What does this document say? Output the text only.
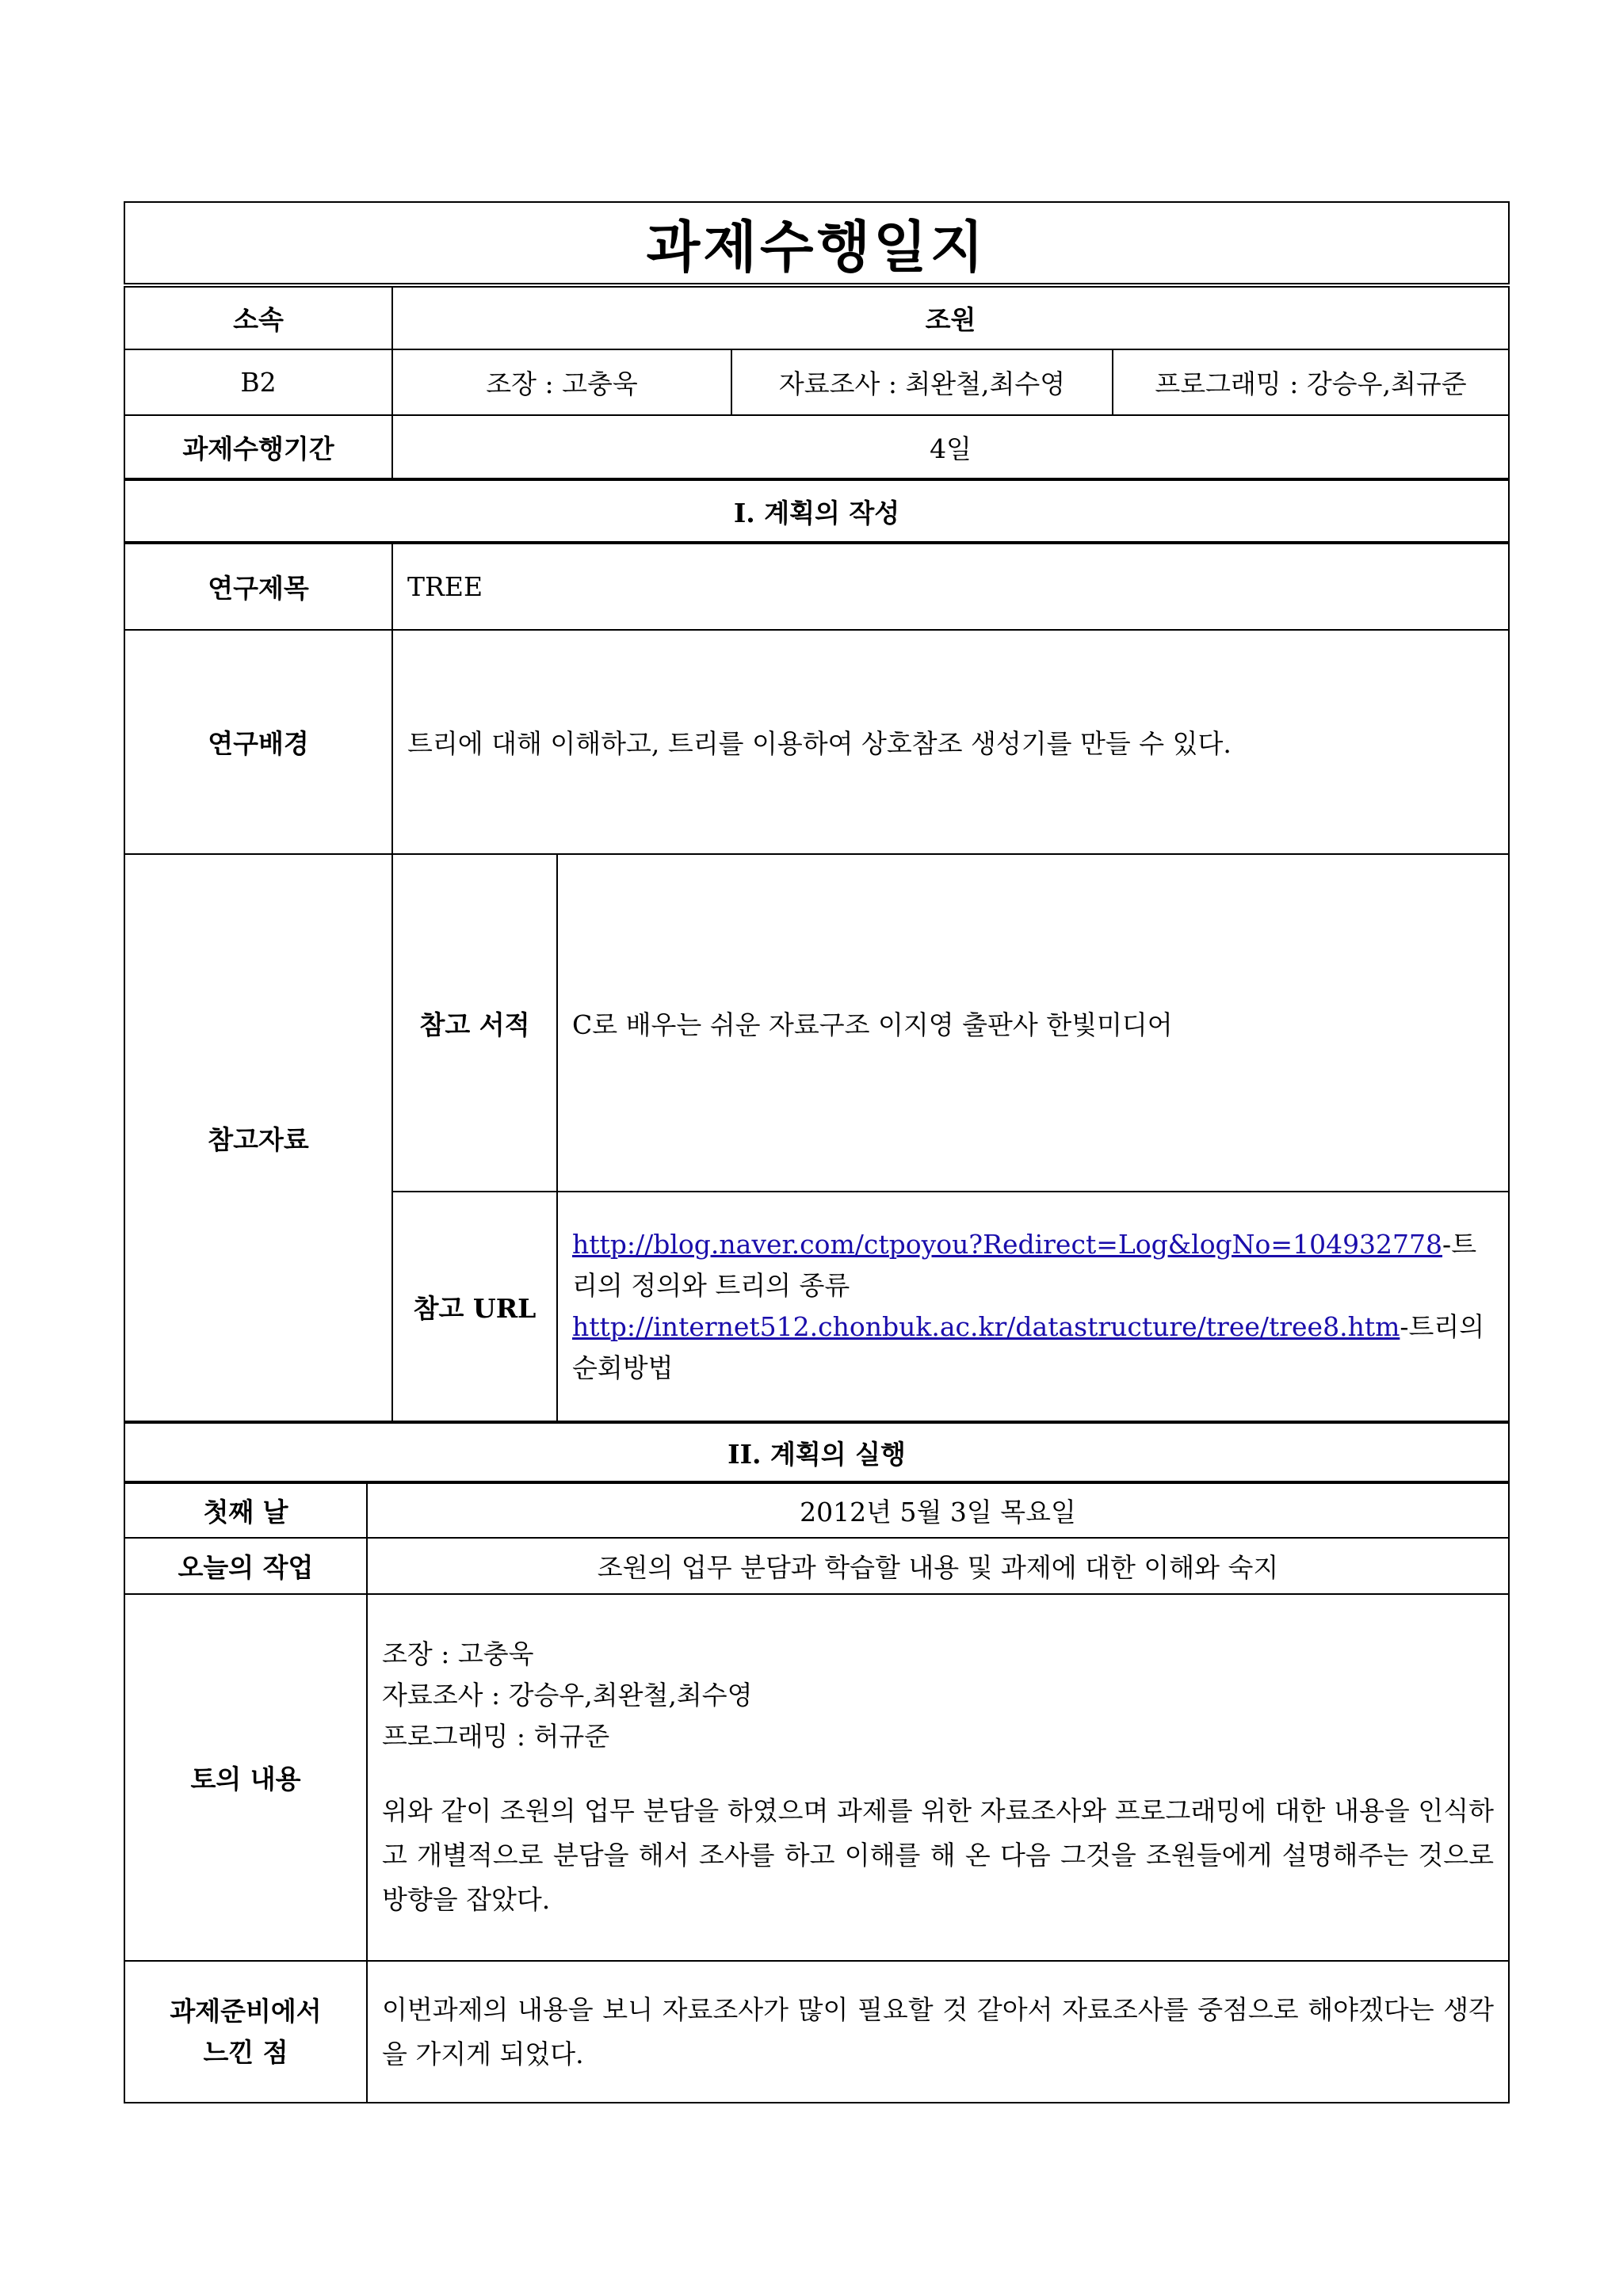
과제수행일지				
소속	조원			
B2	조장 : 고충욱		자료조사 : 최완철,최수영	프로그래밍 : 강승우,최규준
과제수행기간	4일			
I. 계획의 작성				
연구제목	TREE			
연구배경	트리에 대해 이해하고, 트리를 이용하여 상호참조 생성기를 만들 수 있다.			
참고자료	참고 서적	C로 배우는 쉬운 자료구조 이지영 출판사 한빛미디어		
	참고 URL	http://blog.naver.com/ctpoyou?Redirect=Log&logNo=104932778-트리의 정의와 트리의 종류
http://internet512.chonbuk.ac.kr/datastructure/tree/tree8.htm-트리의 순회방법		
II. 계획의 실행	
첫째 날	2012년 5월 3일 목요일
오늘의 작업	조원의 업무 분담과 학습할 내용 및 과제에 대한 이해와 숙지
토의 내용	조장 : 고충욱
자료조사 : 강승우,최완철,최수영
프로그래밍 : 허규준
위와 같이 조원의 업무 분담을 하였으며 과제를 위한 자료조사와 프로그래밍에 대한 내용을 인식하고 개별적으로 분담을 해서 조사를 하고 이해를 해 온 다음 그것을 조원들에게 설명해주는 것으로 방향을 잡았다.

과제준비에서
느낀 점	이번과제의 내용을 보니 자료조사가 많이 필요할 것 같아서 자료조사를 중점으로 해야겠다는 생각을 가지게 되었다.
